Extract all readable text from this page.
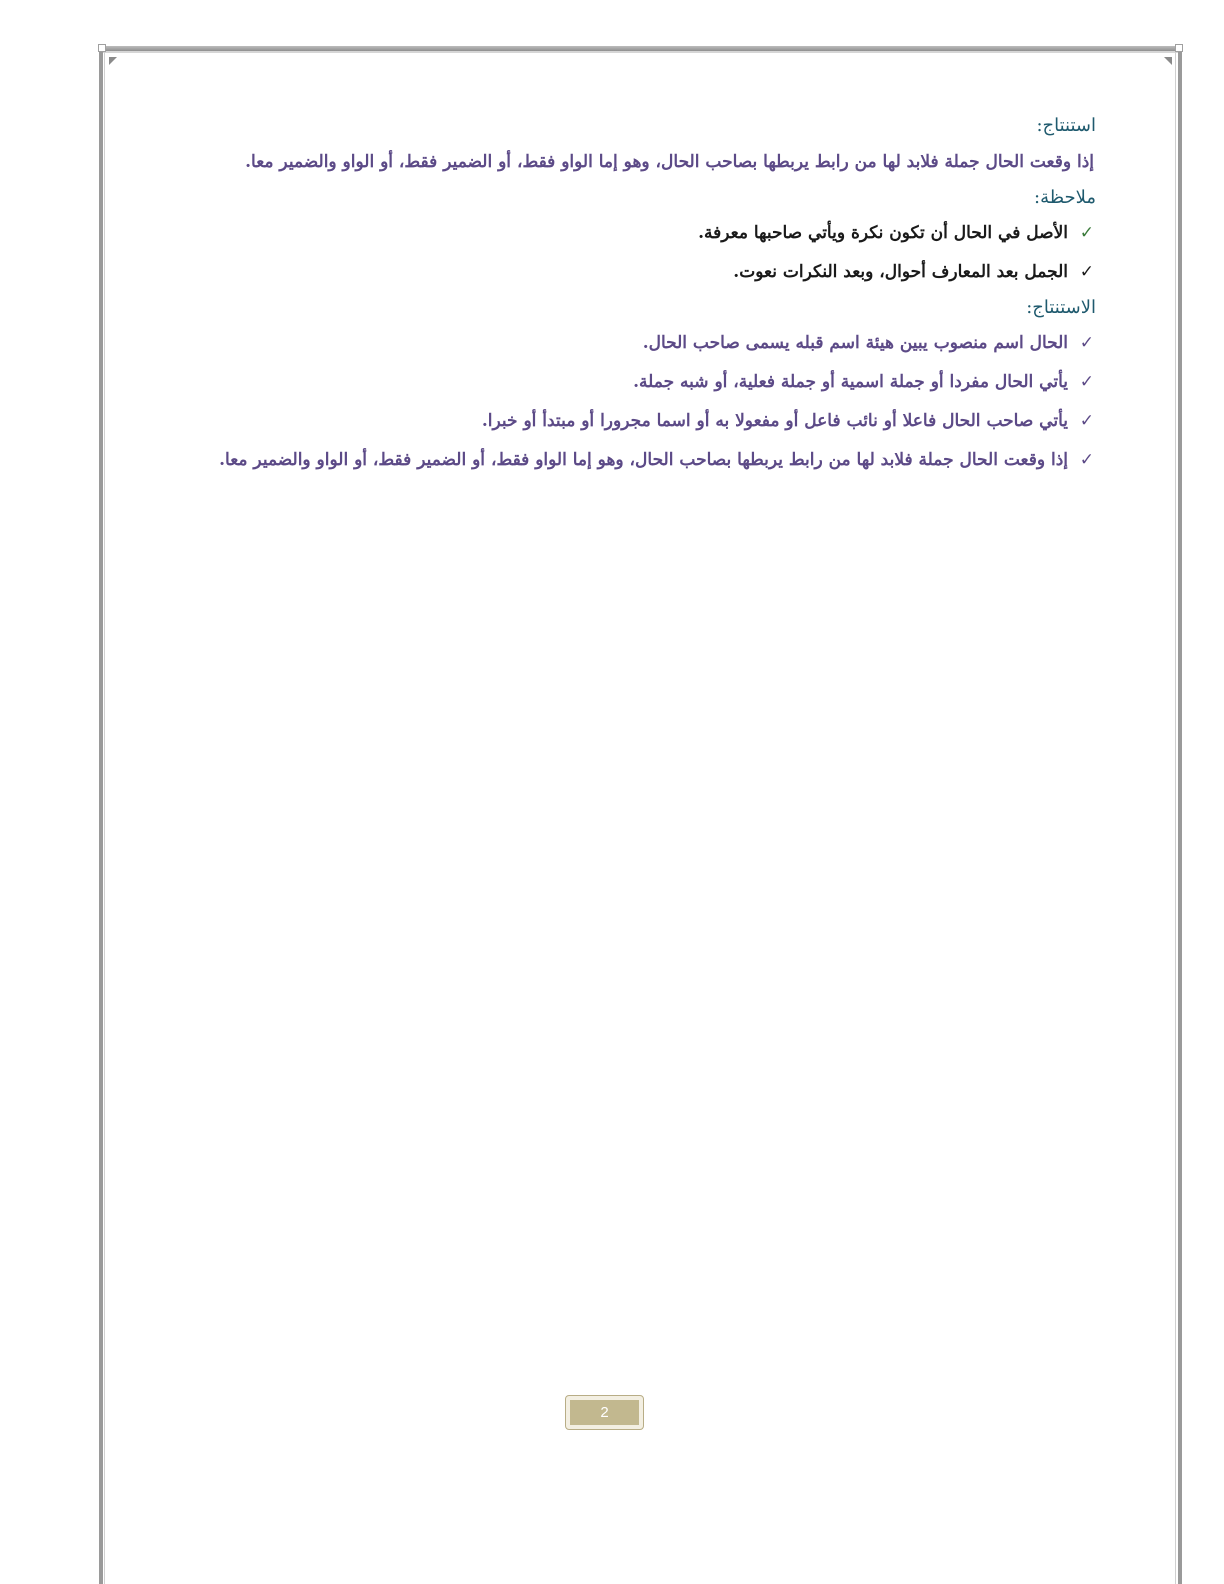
استنتاج:

إذا وقعت الحال جملة فلابد لها من رابط يربطها بصاحب الحال، وهو إما الواو فقط، أو الضمير فقط، أو الواو والضمير معا.

ملاحظة:
✓
الأصل في الحال أن تكون نكرة ويأتي صاحبها معرفة.
✓
الجمل بعد المعارف أحوال، وبعد النكرات نعوت.
الاستنتاج:
✓
الحال اسم منصوب يبين هيئة اسم قبله يسمى صاحب الحال.
✓
يأتي الحال مفردا أو جملة اسمية أو جملة فعلية، أو شبه جملة.
✓
يأتي صاحب الحال فاعلا أو نائب فاعل أو مفعولا به أو اسما مجرورا أو مبتدأ أو خبرا.
✓
إذا وقعت الحال جملة فلابد لها من رابط يربطها بصاحب الحال، وهو إما الواو فقط، أو الضمير فقط، أو الواو والضمير معا.
2
